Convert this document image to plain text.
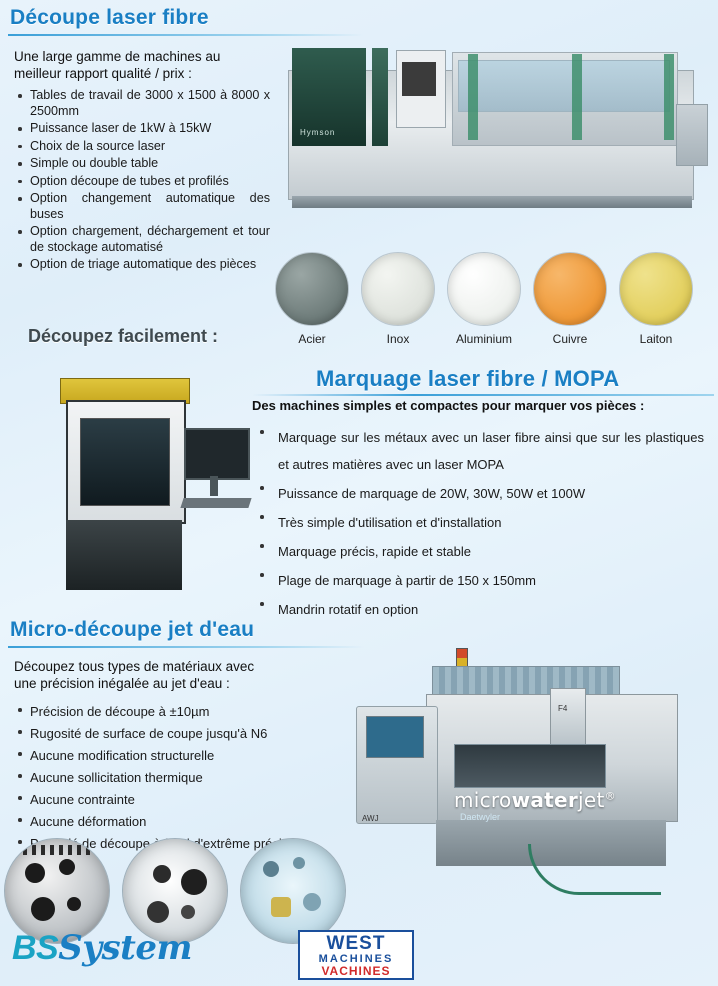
Découpe laser fibre
Une large gamme de machines au meilleur rapport qualité / prix :
Tables de travail de 3000 x 1500 à 8000 x 2500mm
Puissance laser de 1kW à 15kW
Choix de la source laser
Simple ou double table
Option découpe de tubes et profilés
Option changement automatique des buses
Option chargement, déchargement et tour de stockage automatisé
Option de triage automatique des pièces
Hymson
Acier	Inox	Aluminium	Cuivre	Laiton
Découpez facilement :
Marquage laser fibre / MOPA
Des machines simples et compactes pour marquer vos pièces :
Marquage sur les métaux avec un laser fibre ainsi que sur les plastiques et autres matières avec un laser MOPA
Puissance de marquage de 20W, 30W, 50W et 100W
Très simple d'utilisation et d'installation
Marquage précis, rapide et stable
Plage de marquage à partir de 150 x 150mm
Mandrin rotatif en option
Micro-découpe jet d'eau
Découpez tous types de matériaux avec une précision inégalée au jet d'eau :
Précision de découpe à ±10µm
Rugosité de surface de coupe jusqu'à N6
Aucune modification structurelle
Aucune sollicitation thermique
Aucune contrainte
Aucune déformation
de découpe d'extrême
F4
AWJ
microwaterjet®
Daetwyler
BSSystem	WEST
MACHINES
VACHINES
